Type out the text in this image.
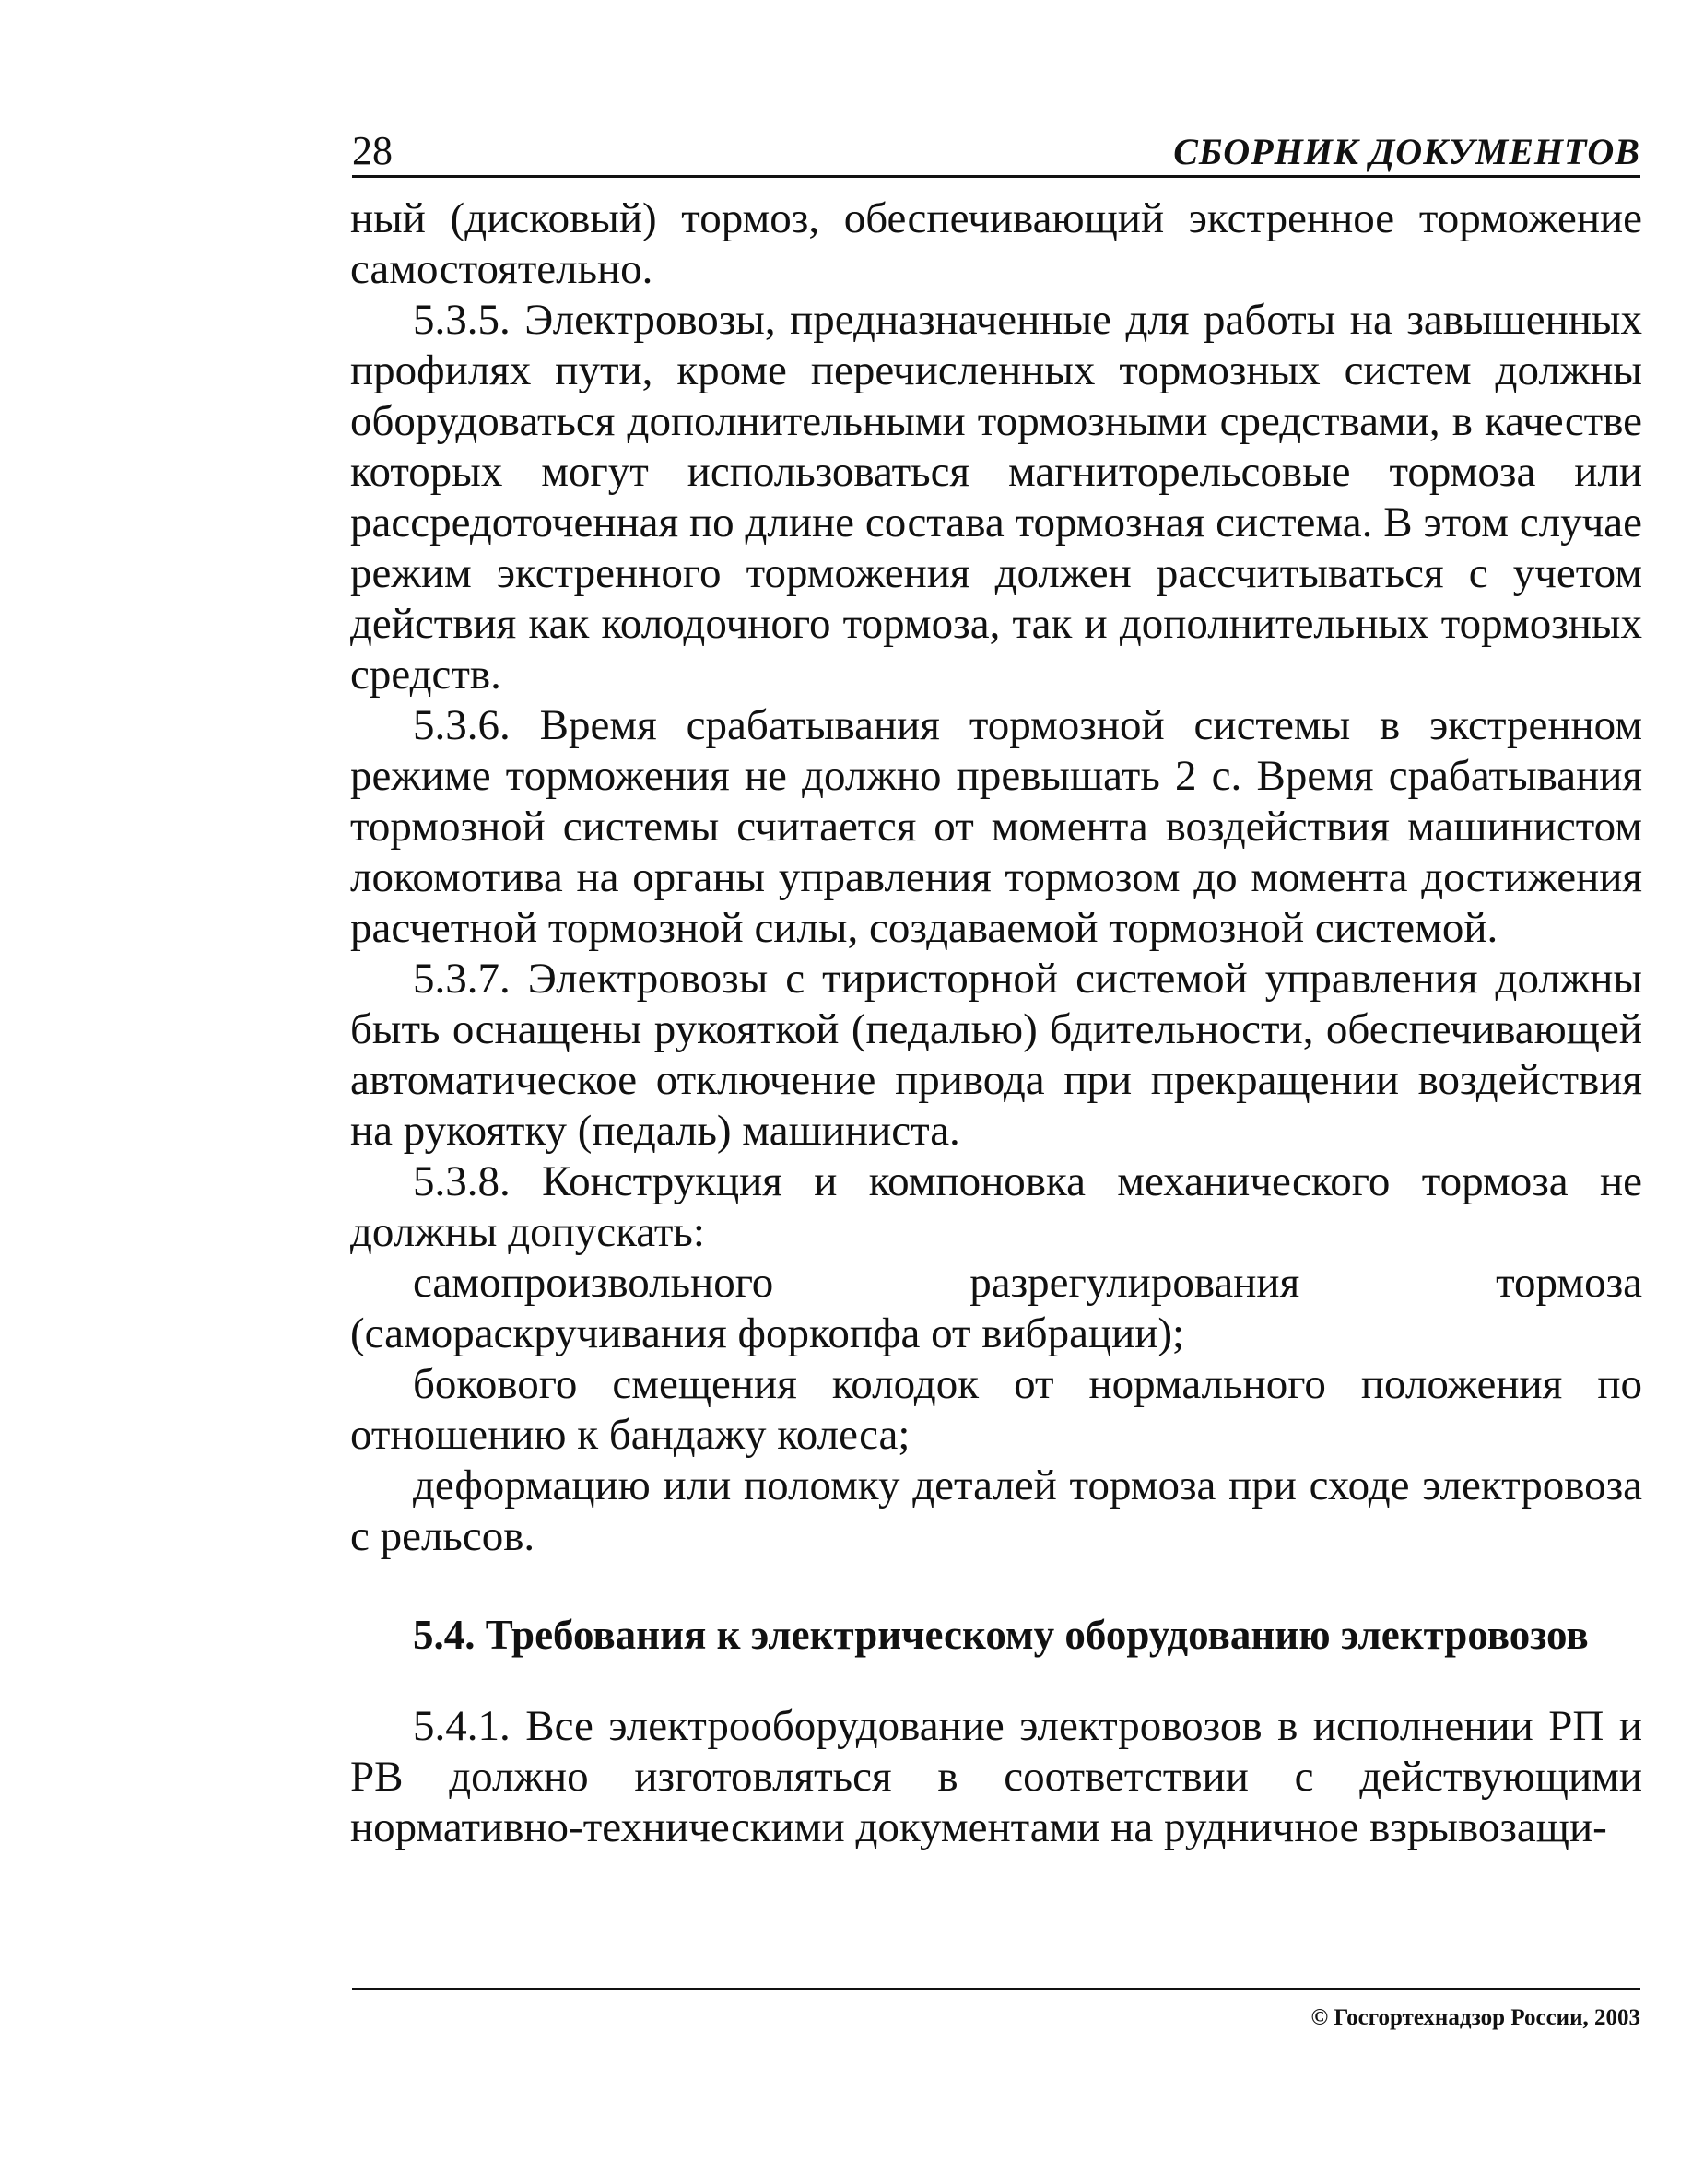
28	СБОРНИК ДОКУМЕНТОВ

ный (дисковый) тормоз, обеспечивающий экстренное торможение самостоятельно.

5.3.5. Электровозы, предназначенные для работы на завышенных профилях пути, кроме перечисленных тормозных систем должны оборудоваться дополнительными тормозными средствами, в качестве которых могут использоваться магниторельсовые тормоза или рассредоточенная по длине состава тормозная система. В этом случае режим экстренного торможения должен рассчитываться с учетом действия как колодочного тормоза, так и дополнительных тормозных средств.

5.3.6. Время срабатывания тормозной системы в экстренном режиме торможения не должно превышать 2 с. Время срабатывания тормозной системы считается от момента воздействия машинистом локомотива на органы управления тормозом до момента достижения расчетной тормозной силы, создаваемой тормозной системой.

5.3.7. Электровозы с тиристорной системой управления должны быть оснащены рукояткой (педалью) бдительности, обеспечивающей автоматическое отключение привода при прекращении воздействия на рукоятку (педаль) машиниста.

5.3.8. Конструкция и компоновка механического тормоза не должны допускать:

самопроизвольного разрегулирования тормоза (самораскручивания форкопфа от вибрации);

бокового смещения колодок от нормального положения по отношению к бандажу колеса;

деформацию или поломку деталей тормоза при сходе электровоза с рельсов.

5.4. Требования к электрическому оборудованию электровозов

5.4.1. Все электрооборудование электровозов в исполнении РП и РВ должно изготовляться в соответствии с действующими нормативно-техническими документами на рудничное взрывозащи-

© Госгортехнадзор России, 2003
